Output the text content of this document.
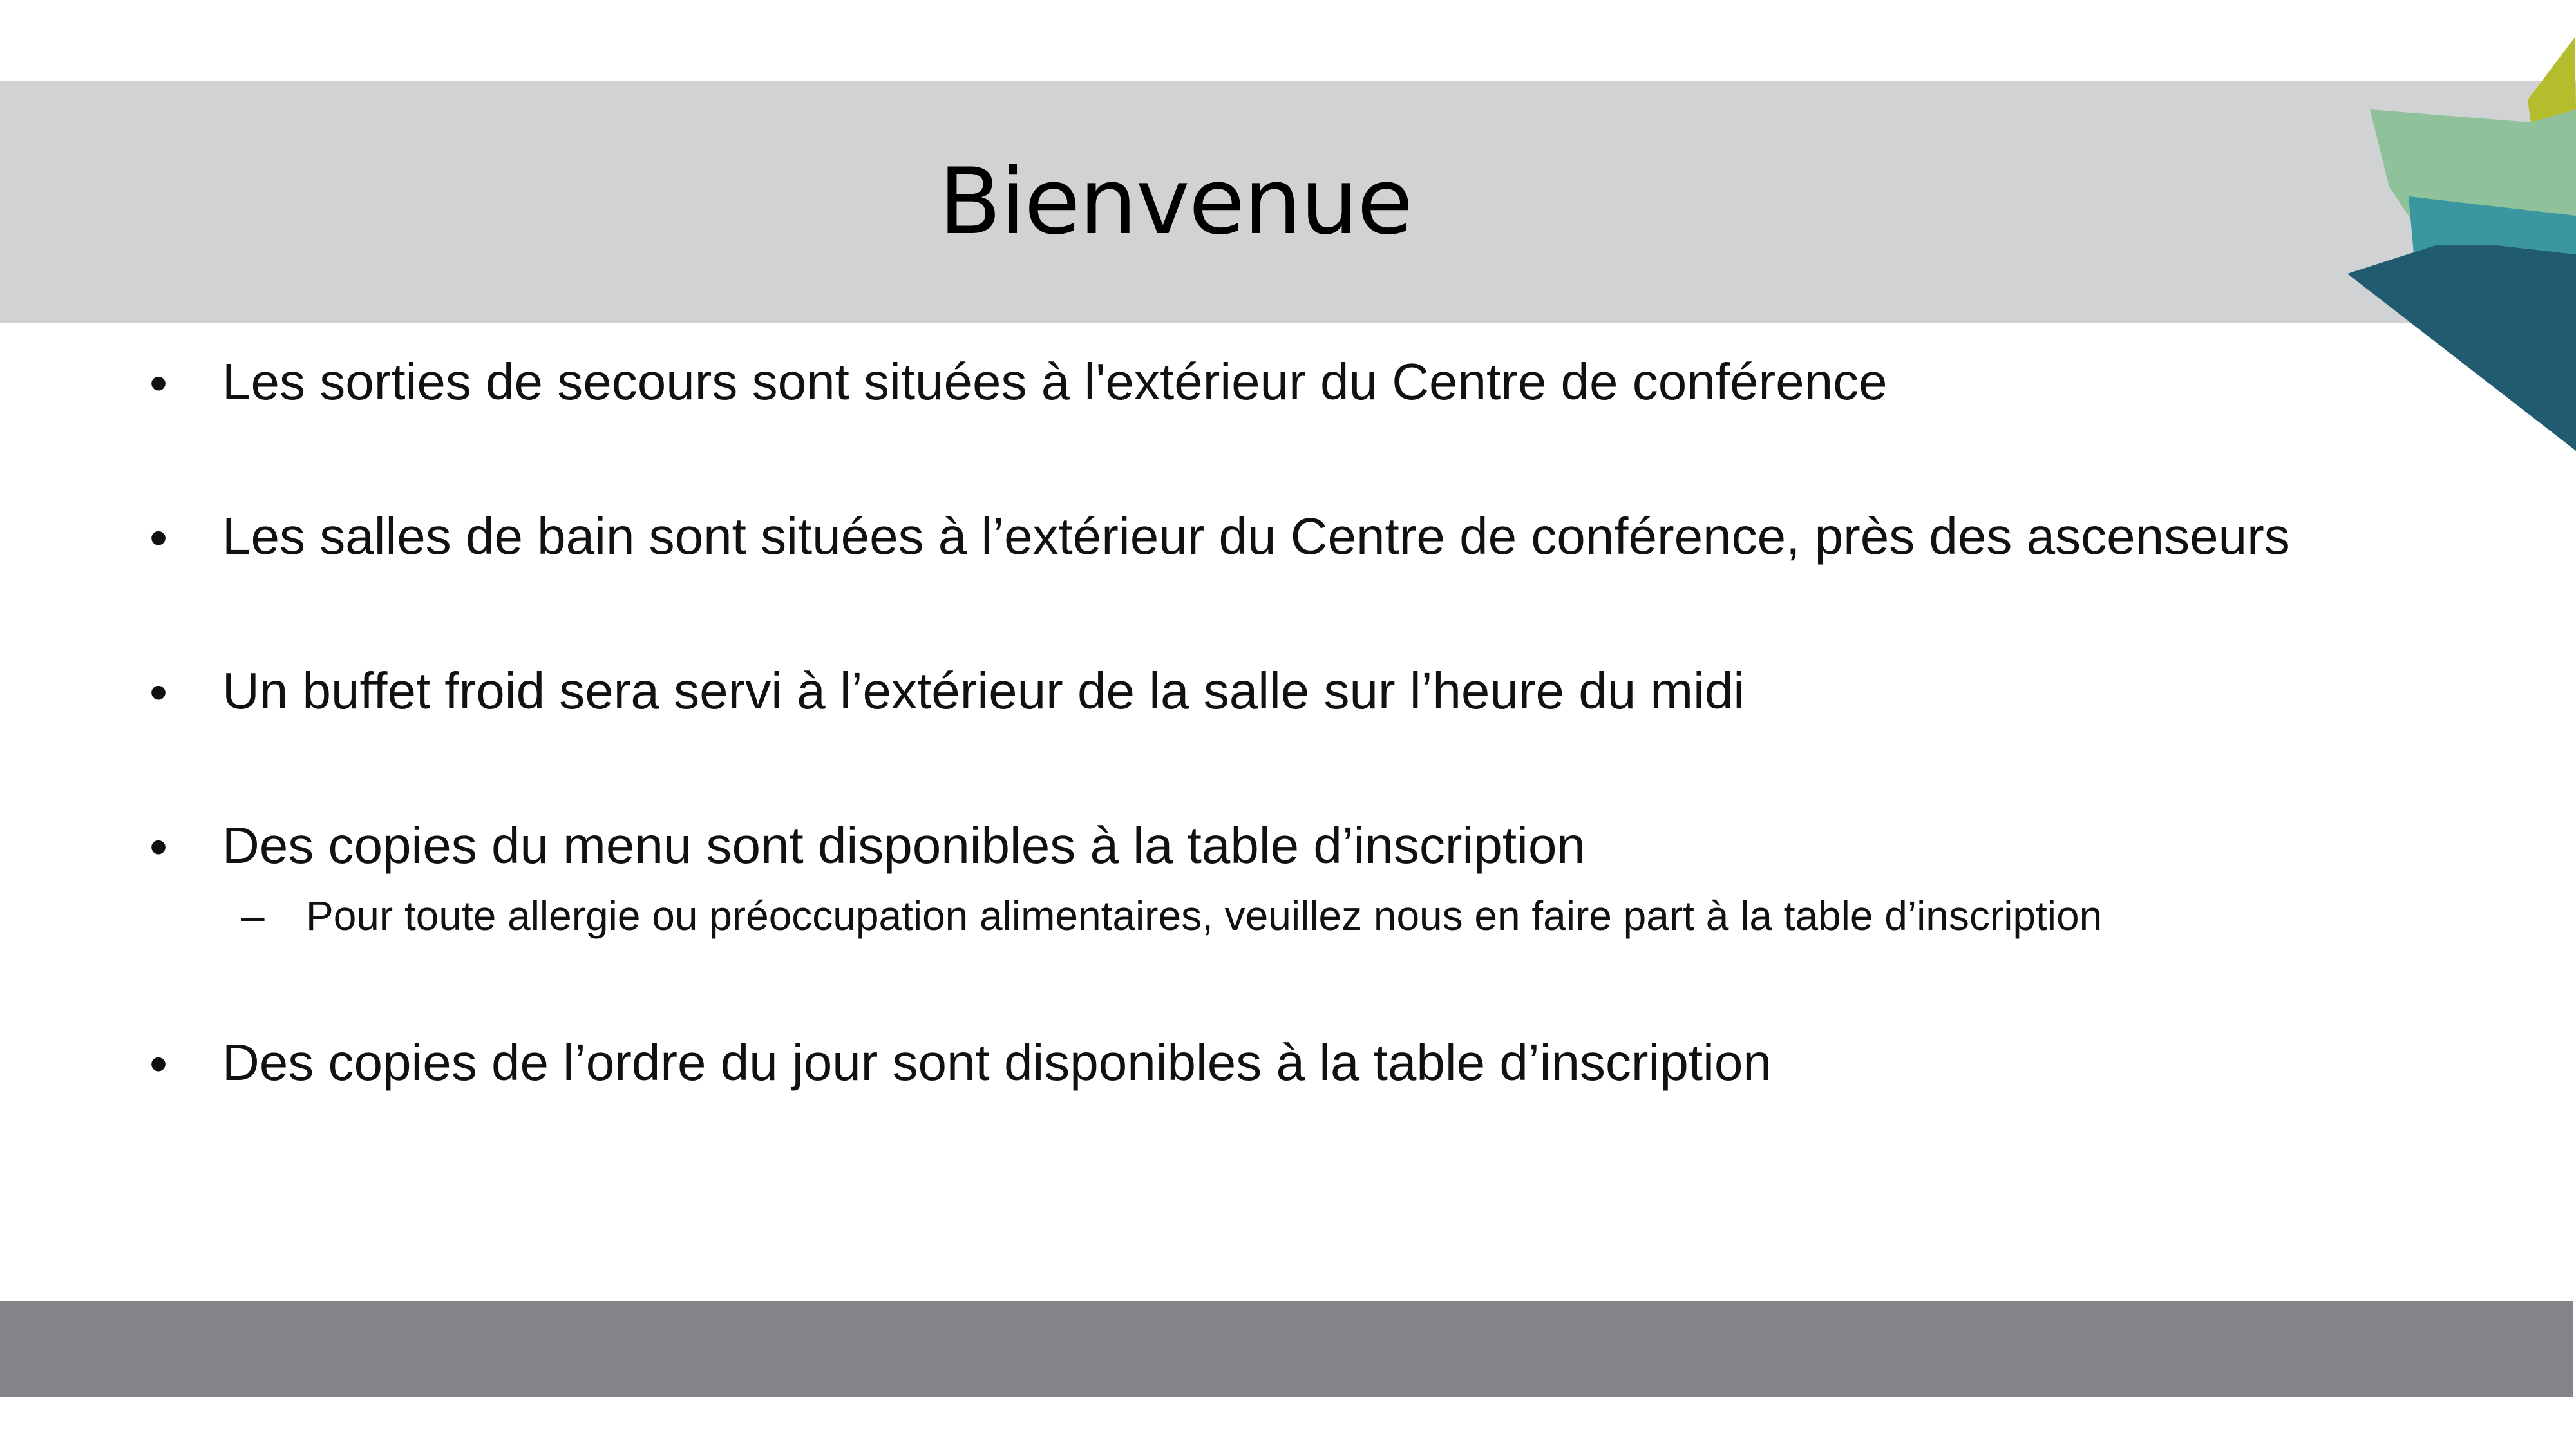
Bienvenue
• Les sorties de secours sont situées à l'extérieur du Centre de conférence
• Les salles de bain sont situées à l’extérieur du Centre de conférence, près des ascenseurs
• Un buffet froid sera servi à l’extérieur de la salle sur l’heure du midi
• Des copies du menu sont disponibles à la table d’inscription
– Pour toute allergie ou préoccupation alimentaires, veuillez nous en faire part à la table d’inscription
• Des copies de l’ordre du jour sont disponibles à la table d’inscription
